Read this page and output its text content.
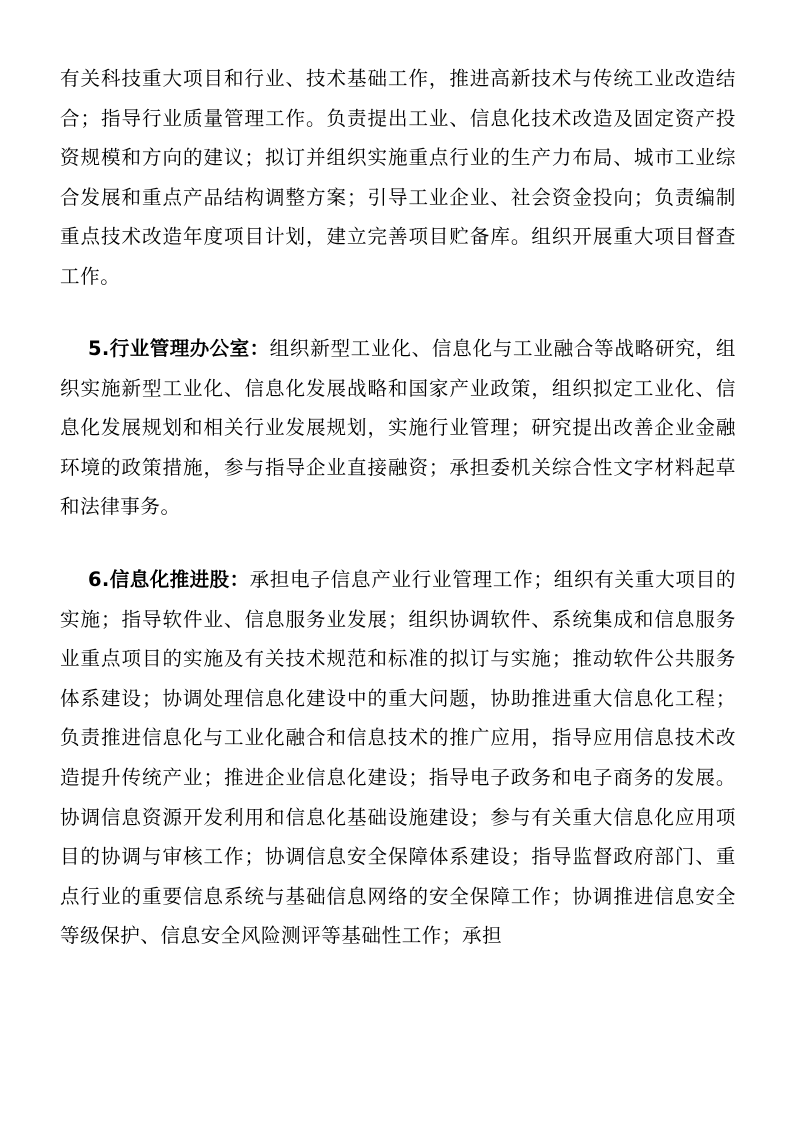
有关科技重大项目和行业、技术基础工作，推进高新技术与传统工业改造结合；指导行业质量管理工作。负责提出工业、信息化技术改造及固定资产投资规模和方向的建议；拟订并组织实施重点行业的生产力布局、城市工业综合发展和重点产品结构调整方案；引导工业企业、社会资金投向；负责编制重点技术改造年度项目计划，建立完善项目贮备库。组织开展重大项目督查工作。

5.行业管理办公室：组织新型工业化、信息化与工业融合等战略研究，组织实施新型工业化、信息化发展战略和国家产业政策，组织拟定工业化、信息化发展规划和相关行业发展规划，实施行业管理；研究提出改善企业金融环境的政策措施，参与指导企业直接融资；承担委机关综合性文字材料起草和法律事务。

6.信息化推进股：承担电子信息产业行业管理工作；组织有关重大项目的实施；指导软件业、信息服务业发展；组织协调软件、系统集成和信息服务业重点项目的实施及有关技术规范和标准的拟订与实施；推动软件公共服务体系建设；协调处理信息化建设中的重大问题，协助推进重大信息化工程；负责推进信息化与工业化融合和信息技术的推广应用，指导应用信息技术改造提升传统产业；推进企业信息化建设；指导电子政务和电子商务的发展。协调信息资源开发利用和信息化基础设施建设；参与有关重大信息化应用项目的协调与审核工作；协调信息安全保障体系建设；指导监督政府部门、重点行业的重要信息系统与基础信息网络的安全保障工作；协调推进信息安全等级保护、信息安全风险测评等基础性工作；承担
